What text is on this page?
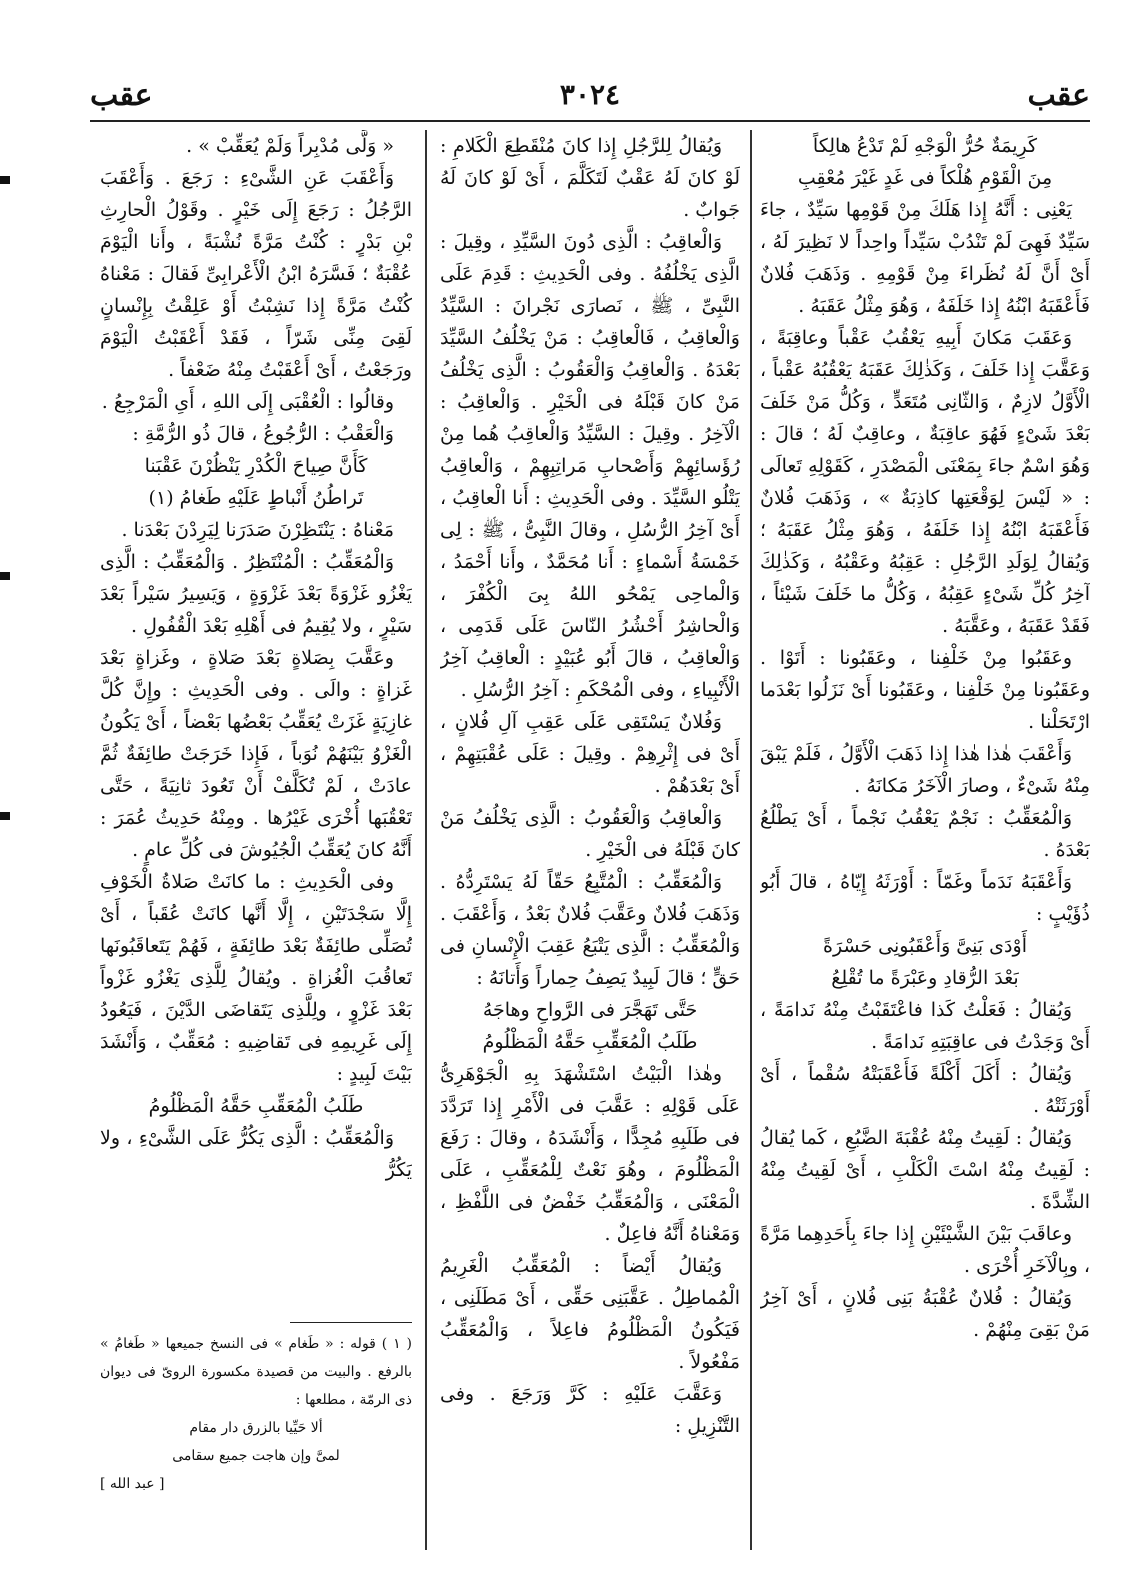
عقب
٣٠٢٤
عقب

كَرِيمَةٌ حُرُّ الْوَجْهِ لَمْ تَدْعُ هالِكاً

مِنَ الْقَوْمِ هُلْكاً فى غَدٍ غَيْرَ مُعْقِبِ

يَعْنِى : أَنَّهُ إِذا هَلَكَ مِنْ قَوْمِها سَيِّدٌ ، جاءَ سَيِّدٌ فَهِىَ لَمْ تَنْدُبْ سَيِّداً واحِداً لا نَظِيرَ لَهُ ، أَىْ أَنَّ لَهُ نُظَراءَ مِنْ قَوْمِهِ . وَذَهَبَ فُلانٌ فَأَعْقَبَهُ ابْنُهُ إِذا خَلَفَهُ ، وَهُوَ مِثْلُ عَقَبَهُ .

وَعَقَبَ مَكانَ أَبِيهِ يَعْقُبُ عَقْباً وعاقِبَةً ، وَعَقَّبَ إِذا خَلَفَ ، وَكَذٰلِكَ عَقَبَهُ يَعْقُبُهُ عَقْباً ، الْأَوَّلُ لازِمٌ ، وَالثّانِى مُتَعَدٍّ ، وَكُلُّ مَنْ خَلَفَ بَعْدَ شَىْءٍ فَهُوَ عاقِبَةٌ ، وعاقِبٌ لَهُ ؛ قالَ : وَهُوَ اسْمٌ جاءَ بِمَعْنَى الْمَصْدَرِ ، كَقَوْلِهِ تَعالَى : « لَيْسَ لِوَقْعَتِها كاذِبَةٌ » ، وَذَهَبَ فُلانٌ فَأَعْقَبَهُ ابْنُهُ إِذا خَلَفَهُ ، وَهُوَ مِثْلُ عَقَبَهُ ؛ وَيُقالُ لِوَلَدِ الرَّجُلِ : عَقِبُهُ وعَقْبُهُ ، وَكَذٰلِكَ آخِرُ كُلِّ شَىْءٍ عَقِبُهُ ، وَكُلُّ ما خَلَفَ شَيْئاً ، فَقَدْ عَقَبَهُ ، وعَقَّبَهُ .

وعَقَبُوا مِنْ خَلْفِنا ، وعَقَبُونا : أَتَوْا . وعَقَبُونا مِنْ خَلْفِنا ، وعَقَبُونا أَىْ نَزَلُوا بَعْدَما ارْتَحَلْنا .

وَأَعْقَبَ هٰذا هٰذا إِذا ذَهَبَ الْأَوَّلُ ، فَلَمْ يَبْقَ مِنْهُ شَىْءٌ ، وصارَ الْآخَرُ مَكانَهُ .

وَالْمُعَقِّبُ : نَجْمٌ يَعْقُبُ نَجْماً ، أَىْ يَطْلُعُ بَعْدَهُ .

وَأَعْقَبَهُ نَدَماً وغَمّاً : أَوْرَثَهُ إِيّاهُ ، قالَ أَبُو ذُؤَيْبٍ :

أَوْدَى بَنِىَّ وَأَعْقَبُونِى حَسْرَةً

بَعْدَ الرُّقادِ وعَبْرَةً ما تُقْلِعُ

وَيُقالُ : فَعَلْتُ كَذا فاعْتَقَبْتُ مِنْهُ نَدامَةً ، أَىْ وَجَدْتُ فى عاقِبَتِهِ نَدامَةً .

وَيُقالُ : أَكَلَ أَكْلَةً فَأَعْقَبَتْهُ سُقْماً ، أَىْ أَوْرَثَتْهُ .

وَيُقالُ : لَقِيتُ مِنْهُ عُقْبَةَ الضَّبُعِ ، كَما يُقالُ : لَقِيتُ مِنْهُ اسْتَ الْكَلْبِ ، أَىْ لَقِيتُ مِنْهُ الشِّدَّةَ .

وعاقَبَ بَيْنَ الشَّيْئَيْنِ إِذا جاءَ بِأَحَدِهِما مَرَّةً ، وبِالْآخَرِ أُخْرَى .

وَيُقالُ : فُلانٌ عُقْبَةُ بَنِى فُلانٍ ، أَىْ آخِرُ مَنْ بَقِىَ مِنْهُمْ .

وَيُقالُ لِلرَّجُلِ إِذا كانَ مُنْقَطِعَ الْكَلامِ : لَوْ كانَ لَهُ عَقْبٌ لَتَكَلَّمَ ، أَىْ لَوْ كانَ لَهُ جَوابٌ .

وَالْعاقِبُ : الَّذِى دُونَ السَّيِّدِ ، وقِيلَ : الَّذِى يَخْلُفُهُ . وفى الْحَدِيثِ : قَدِمَ عَلَى النَّبِىِّ ، ﷺ ، نَصارَى نَجْرانَ : السَّيِّدُ وَالْعاقِبُ ، فَالْعاقِبُ : مَنْ يَخْلُفُ السَّيِّدَ بَعْدَهُ . وَالْعاقِبُ وَالْعَقُوبُ : الَّذِى يَخْلُفُ مَنْ كانَ قَبْلَهُ فى الْخَيْرِ . وَالْعاقِبُ : الْآخِرُ . وقِيلَ : السَّيِّدُ وَالْعاقِبُ هُما مِنْ رُؤَسائِهِمْ وَأَصْحابِ مَراتِبِهِمْ ، وَالْعاقِبُ يَتْلُو السَّيِّدَ . وفى الْحَدِيثِ : أَنا الْعاقِبُ ، أَىْ آخِرُ الرُّسُلِ ، وقالَ النَّبِىُّ ، ﷺ : لِى خَمْسَةُ أَسْماءٍ : أَنا مُحَمَّدٌ ، وأَنا أَحْمَدُ ، وَالْماحِى يَمْحُو اللهُ بِىَ الْكُفْرَ ، وَالْحاشِرُ أَحْشُرُ النّاسَ عَلَى قَدَمِى ، وَالْعاقِبُ ، قالَ أَبُو عُبَيْدٍ : الْعاقِبُ آخِرُ الْأَنْبِياءِ ، وفى الْمُحْكَمِ : آخِرُ الرُّسُلِ .

وَفُلانٌ يَسْتَقِى عَلَى عَقِبِ آلِ فُلانٍ ، أَىْ فى إِثْرِهِمْ . وقِيلَ : عَلَى عُقْبَتِهِمْ ، أَىْ بَعْدَهُمْ .

وَالْعاقِبُ وَالْعَقُوبُ : الَّذِى يَخْلُفُ مَنْ كانَ قَبْلَهُ فى الْخَيْرِ .

وَالْمُعَقِّبُ : الْمُتَّبِعُ حَقّاً لَهُ يَسْتَرِدُّهُ . وَذَهَبَ فُلانٌ وعَقَّبَ فُلانٌ بَعْدُ ، وَأَعْقَبَ . وَالْمُعَقِّبُ : الَّذِى يَتْبَعُ عَقِبَ الْإِنْسانِ فى حَقٍّ ؛ قالَ لَبِيدٌ يَصِفُ حِماراً وَأَتانَهُ :

حَتَّى تَهَجَّرَ فى الرَّواحِ وهاجَهُ

طَلَبُ الْمُعَقِّبِ حَقَّهُ الْمَظْلُومُ

وهٰذا الْبَيْتُ اسْتَشْهَدَ بِهِ الْجَوْهَرِىُّ عَلَى قَوْلِهِ : عَقَّبَ فى الْأَمْرِ إِذا تَرَدَّدَ فى طَلَبِهِ مُجِدًّا ، وَأَنْشَدَهُ ، وقالَ : رَفَعَ الْمَظْلُومَ ، وهُوَ نَعْتٌ لِلْمُعَقِّبِ ، عَلَى الْمَعْنَى ، وَالْمُعَقِّبُ خَفْضٌ فى اللَّفْظِ ، وَمَعْناهُ أَنَّهُ فاعِلٌ .

وَيُقالُ أَيْضاً : الْمُعَقِّبُ الْغَرِيمُ الْمُماطِلُ . عَقَّبَنِى حَقِّى ، أَىْ مَطَلَنِى ، فَيَكُونُ الْمَظْلُومُ فاعِلاً ، وَالْمُعَقِّبُ مَفْعُولاً .

وَعَقَّبَ عَلَيْهِ : كَرَّ وَرَجَعَ . وفى التَّنْزِيلِ :

« وَلَّى مُدْبِراً وَلَمْ يُعَقِّبْ » .

وَأَعْقَبَ عَنِ الشَّىْءِ : رَجَعَ . وَأَعْقَبَ الرَّجُلُ : رَجَعَ إِلَى خَيْرٍ . وقَوْلُ الْحارِثِ بْنِ بَدْرٍ : كُنْتُ مَرَّةً نُشْبَةً ، وأَنا الْيَوْمَ عُقْبَةٌ ؛ فَسَّرَهُ ابْنُ الْأَعْرابِىِّ فَقالَ : مَعْناهُ كُنْتُ مَرَّةً إِذا نَشِبْتُ أَوْ عَلِقْتُ بِإِنْسانٍ لَقِىَ مِنِّى شَرّاً ، فَقَدْ أَعْقَبْتُ الْيَوْمَ ورَجَعْتُ ، أَىْ أَعْقَبْتُ مِنْهُ ضَعْفاً .

وقالُوا : الْعُقْبَى إِلَى اللهِ ، أَىِ الْمَرْجِعُ .

وَالْعَقْبُ : الرُّجُوعُ ، قالَ ذُو الرُّمَّةِ :

كَأَنَّ صِياحَ الْكُدْرِ يَنْظُرْنَ عَقْبَنا

تَراطُنُ أَنْباطٍ عَلَيْهِ طَغامُ (١)

مَعْناهُ : يَنْتَظِرْنَ صَدَرَنا لِيَرِدْنَ بَعْدَنا .

وَالْمُعَقِّبُ : الْمُنْتَظِرُ . وَالْمُعَقِّبُ : الَّذِى يَغْزُو غَزْوَةً بَعْدَ غَزْوَةٍ ، وَيَسِيرُ سَيْراً بَعْدَ سَيْرٍ ، ولا يُقِيمُ فى أَهْلِهِ بَعْدَ الْقُفُولِ .

وعَقَّبَ بِصَلاةٍ بَعْدَ صَلاةٍ ، وغَزاةٍ بَعْدَ غَزاةٍ : والَى . وفى الْحَدِيثِ : وإِنَّ كُلَّ غازِيَةٍ غَزَتْ يُعَقِّبُ بَعْضُها بَعْضاً ، أَىْ يَكُونُ الْغَزْوُ بَيْنَهُمْ نُوَباً ، فَإِذا خَرَجَتْ طائِفَةٌ ثُمَّ عادَتْ ، لَمْ تُكَلَّفْ أَنْ تَعُودَ ثانِيَةً ، حَتَّى تَعْقُبَها أُخْرَى غَيْرُها . ومِنْهُ حَدِيثُ عُمَرَ : أَنَّهُ كانَ يُعَقِّبُ الْجُيُوشَ فى كُلِّ عامٍ .

وفى الْحَدِيثِ : ما كانَتْ صَلاةُ الْخَوْفِ إِلَّا سَجْدَتَيْنِ ، إِلَّا أَنَّها كانَتْ عُقَباً ، أَىْ تُصَلِّى طائِفَةٌ بَعْدَ طائِفَةٍ ، فَهُمْ يَتَعاقَبُونَها تَعاقُبَ الْغُزاةِ . ويُقالُ لِلَّذِى يَغْزُو غَزْواً بَعْدَ غَزْوٍ ، ولِلَّذِى يَتَقاضَى الدَّيْنَ ، فَيَعُودُ إِلَى غَرِيمِهِ فى تَقاضِيهِ : مُعَقِّبٌ ، وَأَنْشَدَ بَيْتَ لَبِيدٍ :

طَلَبُ الْمُعَقِّبِ حَقَّهُ الْمَظْلُومُ

وَالْمُعَقِّبُ : الَّذِى يَكُرُّ عَلَى الشَّىْءِ ، ولا يَكُرُّ

( ١ ) قوله : « طَغام » فى النسخ جميعها « طَغامُ » بالرفع . والبيت من قصيدة مكسورة الروىّ فى ديوان ذى الرمّة ، مطلعها :
ألا حَيِّيا بالزرق دار مقام
لمىَّ وإن هاجت جميع سقامى
[ عبد الله ]
